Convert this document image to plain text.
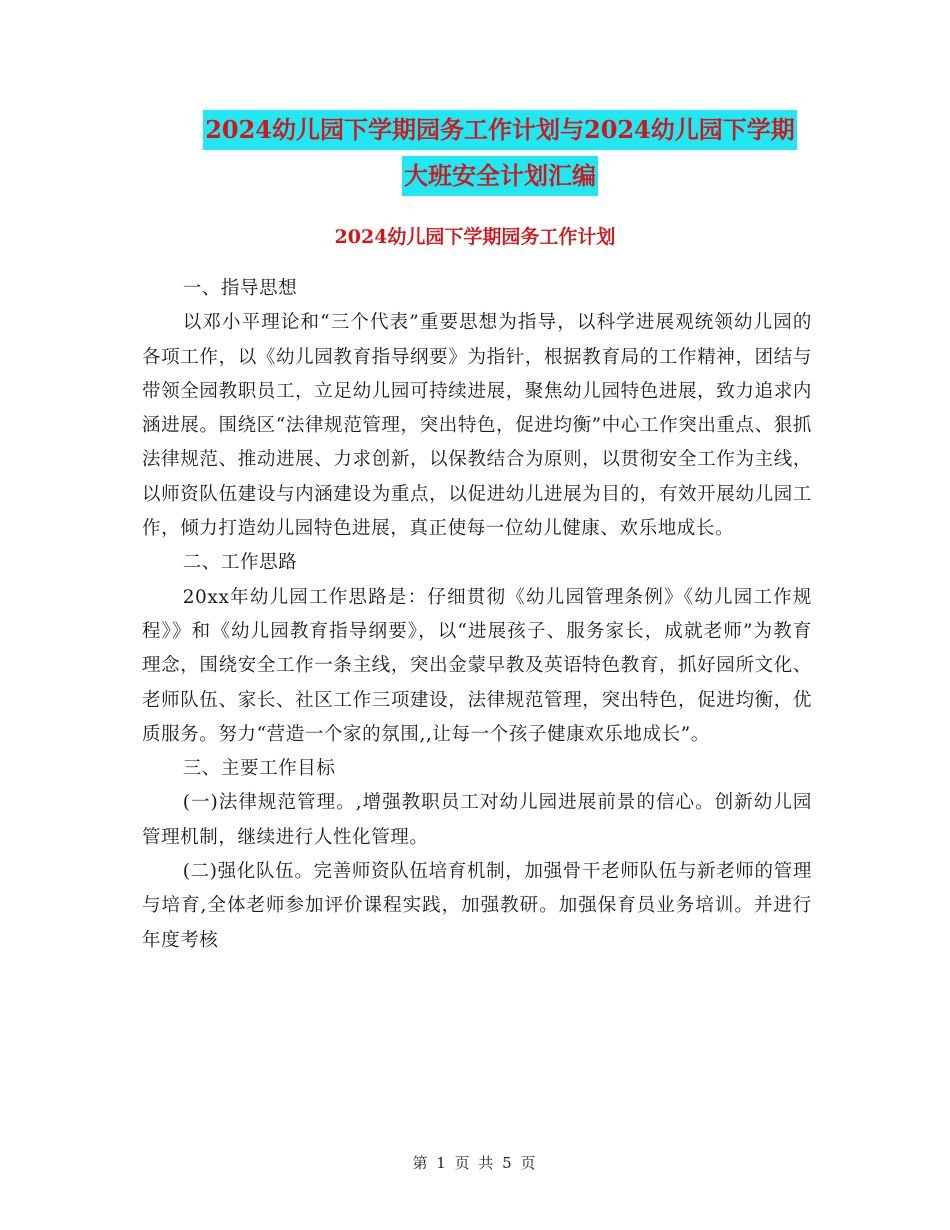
2024幼儿园下学期园务工作计划与2024幼儿园下学期
大班安全计划汇编
2024幼儿园下学期园务工作计划

一、指导思想

以邓小平理论和“三个代表”重要思想为指导，以科学进展观统领幼儿园的各项工作，以《幼儿园教育指导纲要》为指针，根据教育局的工作精神，团结与带领全园教职员工，立足幼儿园可持续进展，聚焦幼儿园特色进展，致力追求内涵进展。围绕区“法律规范管理，突出特色，促进均衡”中心工作突出重点、狠抓法律规范、推动进展、力求创新，以保教结合为原则，以贯彻安全工作为主线，以师资队伍建设与内涵建设为重点，以促进幼儿进展为目的，有效开展幼儿园工作，倾力打造幼儿园特色进展，真正使每一位幼儿健康、欢乐地成长。

二、工作思路

20xx年幼儿园工作思路是：仔细贯彻《幼儿园管理条例》《幼儿园工作规程》》和《幼儿园教育指导纲要》，以“进展孩子、服务家长，成就老师”为教育理念，围绕安全工作一条主线，突出金蒙早教及英语特色教育，抓好园所文化、老师队伍、家长、社区工作三项建设，法律规范管理，突出特色，促进均衡，优质服务。努力“营造一个家的氛围,,让每一个孩子健康欢乐地成长”。

三、主要工作目标

(一)法律规范管理。,增强教职员工对幼儿园进展前景的信心。创新幼儿园管理机制，继续进行人性化管理。

(二)强化队伍。完善师资队伍培育机制，加强骨干老师队伍与新老师的管理与培育,全体老师参加评价课程实践，加强教研。加强保育员业务培训。并进行年度考核

第 1 页 共 5 页
